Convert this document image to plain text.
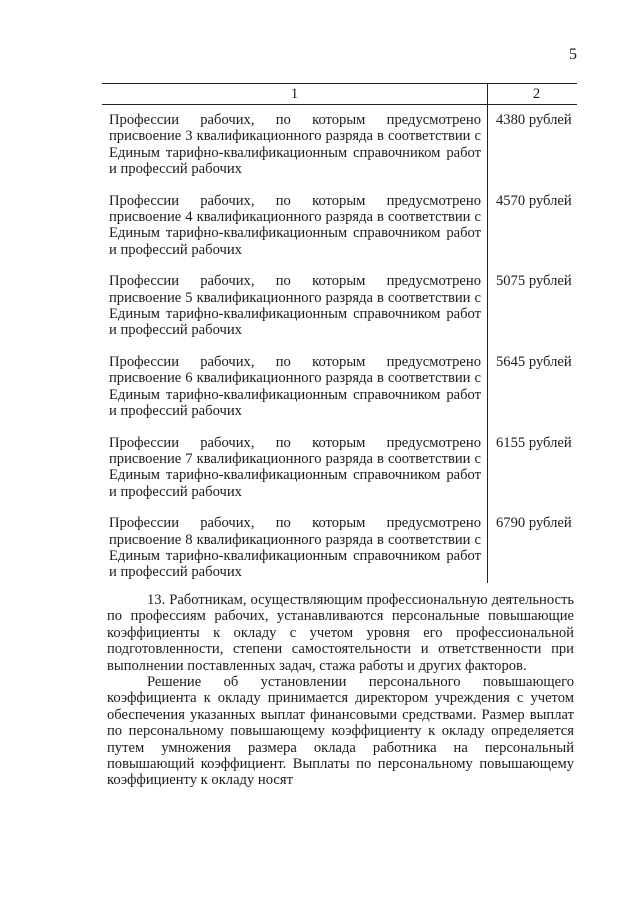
5
1	2
Профессии рабочих, по которым предусмотрено присвоение 3 квалификационного разряда в соответствии с Единым тарифно-квалификационным справочником работ и профессий рабочих	4380 рублей
Профессии рабочих, по которым предусмотрено присвоение 4 квалификационного разряда в соответствии с Единым тарифно-квалификационным справочником работ и профессий рабочих	4570 рублей
Профессии рабочих, по которым предусмотрено присвоение 5 квалификационного разряда в соответствии с Единым тарифно-квалификационным справочником работ и профессий рабочих	5075 рублей
Профессии рабочих, по которым предусмотрено присвоение 6 квалификационного разряда в соответствии с Единым тарифно-квалификационным справочником работ и профессий рабочих	5645 рублей
Профессии рабочих, по которым предусмотрено присвоение 7 квалификационного разряда в соответствии с Единым тарифно-квалификационным справочником работ и профессий рабочих	6155 рублей
Профессии рабочих, по которым предусмотрено присвоение 8 квалификационного разряда в соответствии с Единым тарифно-квалификационным справочником работ и профессий рабочих	6790 рублей

13. Работникам, осуществляющим профессиональную деятельность по профессиям рабочих, устанавливаются персональные повышающие коэффициенты к окладу с учетом уровня его профессиональной подготовленности, степени самостоятельности и ответственности при выполнении поставленных задач, стажа работы и других факторов.

Решение об установлении персонального повышающего коэффициента к окладу принимается директором учреждения с учетом обеспечения указанных выплат финансовыми средствами. Размер выплат по персональному повышающему коэффициенту к окладу определяется путем умножения размера оклада работника на персональный повышающий коэффициент. Выплаты по персональному повышающему коэффициенту к окладу носят
